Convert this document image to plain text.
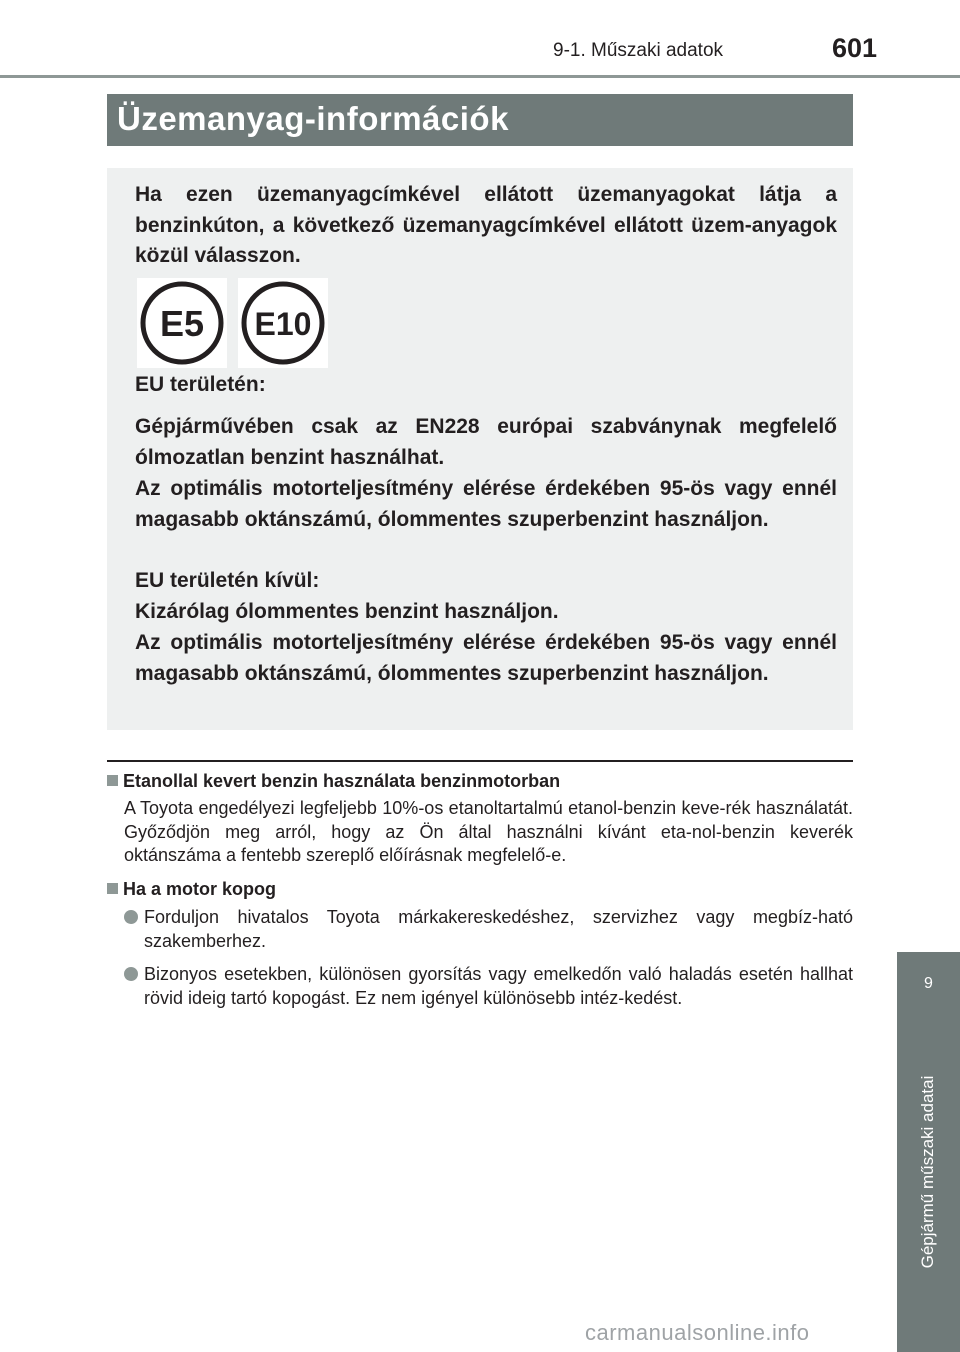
9-1. Műszaki adatok	601
Üzemanyag-információk
Ha ezen üzemanyagcímkével ellátott üzemanyagokat látja a benzinkúton, a következő üzemanyagcímkével ellátott üzem-anyagok közül válasszon.
E5 E10
EU területén:
Gépjárművében csak az EN228 európai szabványnak megfelelő ólmozatlan benzint használhat.
Az optimális motorteljesítmény elérése érdekében 95-ös vagy ennél magasabb oktánszámú, ólommentes szuperbenzint használjon.
EU területén kívül:
Kizárólag ólommentes benzint használjon.
Az optimális motorteljesítmény elérése érdekében 95-ös vagy ennél magasabb oktánszámú, ólommentes szuperbenzint használjon.
Etanollal kevert benzin használata benzinmotorban
A Toyota engedélyezi legfeljebb 10%-os etanoltartalmú etanol-benzin keve-rék használatát. Győződjön meg arról, hogy az Ön által használni kívánt eta-nol-benzin keverék oktánszáma a fentebb szereplő előírásnak megfelelő-e.
Ha a motor kopog
Forduljon hivatalos Toyota márkakereskedéshez, szervizhez vagy megbíz-ható szakemberhez.
Bizonyos esetekben, különösen gyorsítás vagy emelkedőn való haladás esetén hallhat rövid ideig tartó kopogást. Ez nem igényel különösebb intéz-kedést.
9
Gépjármű műszaki adatai
carmanualsonline.info
